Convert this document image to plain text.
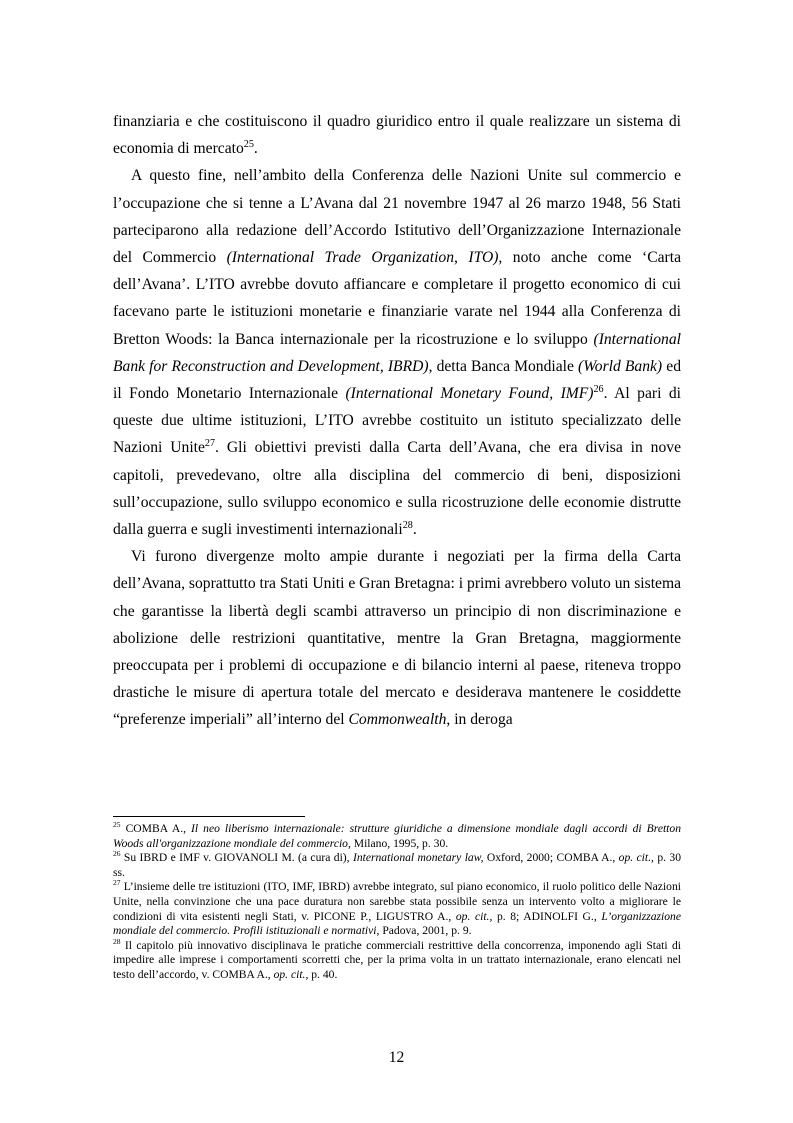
finanziaria e che costituiscono il quadro giuridico entro il quale realizzare un sistema di economia di mercato$^{25}$.

A questo fine, nell’ambito della Conferenza delle Nazioni Unite sul commercio e l’occupazione che si tenne a L’Avana dal 21 novembre 1947 al 26 marzo 1948, 56 Stati parteciparono alla redazione dell’Accordo Istitutivo dell’Organizzazione Internazionale del Commercio (International Trade Organization, ITO), noto anche come ‘Carta dell’Avana’. L’ITO avrebbe dovuto affiancare e completare il progetto economico di cui facevano parte le istituzioni monetarie e finanziarie varate nel 1944 alla Conferenza di Bretton Woods: la Banca internazionale per la ricostruzione e lo sviluppo (International Bank for Reconstruction and Development, IBRD), detta Banca Mondiale (World Bank) ed il Fondo Monetario Internazionale (International Monetary Found, IMF)$^{26}$. Al pari di queste due ultime istituzioni, L’ITO avrebbe costituito un istituto specializzato delle Nazioni Unite$^{27}$. Gli obiettivi previsti dalla Carta dell’Avana, che era divisa in nove capitoli, prevedevano, oltre alla disciplina del commercio di beni, disposizioni sull’occupazione, sullo sviluppo economico e sulla ricostruzione delle economie distrutte dalla guerra e sugli investimenti internazionali$^{28}$.

Vi furono divergenze molto ampie durante i negoziati per la firma della Carta dell’Avana, soprattutto tra Stati Uniti e Gran Bretagna: i primi avrebbero voluto un sistema che garantisse la libertà degli scambi attraverso un principio di non discriminazione e abolizione delle restrizioni quantitative, mentre la Gran Bretagna, maggiormente preoccupata per i problemi di occupazione e di bilancio interni al paese, riteneva troppo drastiche le misure di apertura totale del mercato e desiderava mantenere le cosiddette “preferenze imperiali” all’interno del Commonwealth, in deroga

$^{25}$ COMBA A., Il neo liberismo internazionale: strutture giuridiche a dimensione mondiale dagli accordi di Bretton Woods all'organizzazione mondiale del commercio, Milano, 1995, p. 30.

$^{26}$ Su IBRD e IMF v. GIOVANOLI M. (a cura di), International monetary law, Oxford, 2000; COMBA A., op. cit., p. 30 ss.

$^{27}$ L’insieme delle tre istituzioni (ITO, IMF, IBRD) avrebbe integrato, sul piano economico, il ruolo politico delle Nazioni Unite, nella convinzione che una pace duratura non sarebbe stata possibile senza un intervento volto a migliorare le condizioni di vita esistenti negli Stati, v. PICONE P., LIGUSTRO A., op. cit., p. 8; ADINOLFI G., L’organizzazione mondiale del commercio. Profili istituzionali e normativi, Padova, 2001, p. 9.

$^{28}$ Il capitolo più innovativo disciplinava le pratiche commerciali restrittive della concorrenza, imponendo agli Stati di impedire alle imprese i comportamenti scorretti che, per la prima volta in un trattato internazionale, erano elencati nel testo dell’accordo, v. COMBA A., op. cit., p. 40.

12
